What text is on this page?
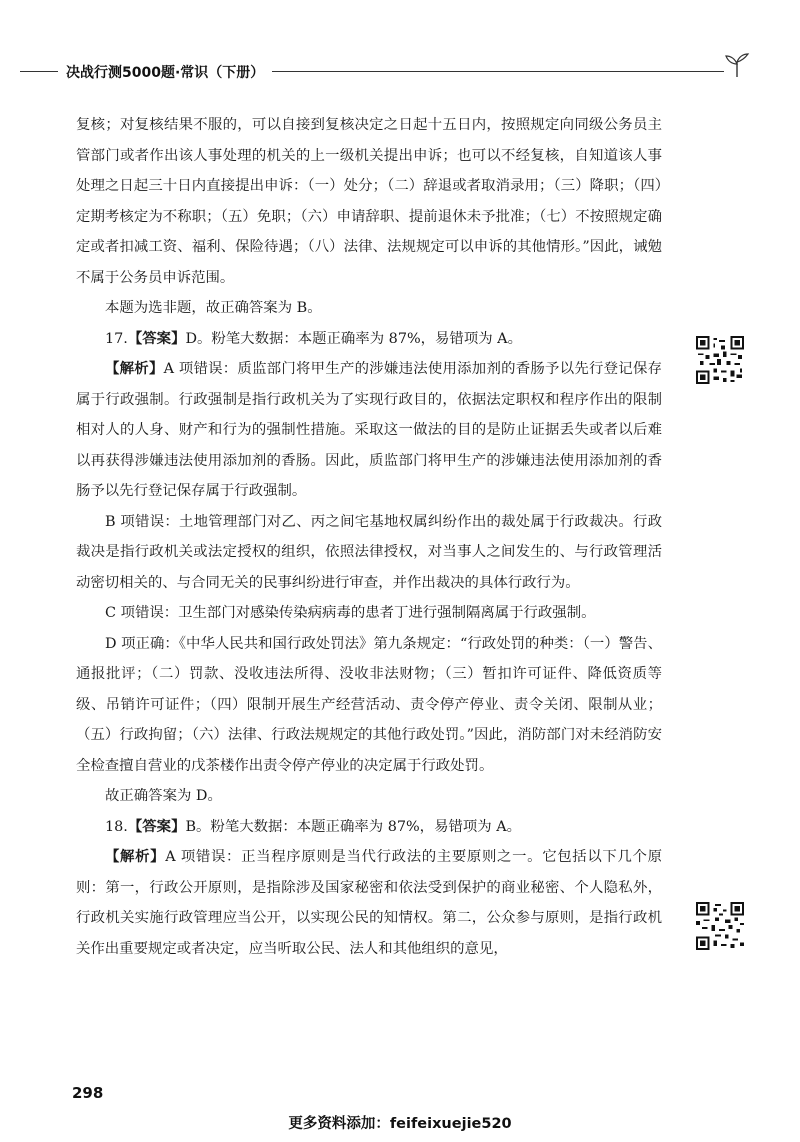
决战行测5000题·常识（下册）

复核；对复核结果不服的，可以自接到复核决定之日起十五日内，按照规定向同级公务员主管部门或者作出该人事处理的机关的上一级机关提出申诉；也可以不经复核，自知道该人事处理之日起三十日内直接提出申诉：（一）处分；（二）辞退或者取消录用；（三）降职；（四）定期考核定为不称职；（五）免职；（六）申请辞职、提前退休未予批准；（七）不按照规定确定或者扣减工资、福利、保险待遇；（八）法律、法规规定可以申诉的其他情形。”因此，诫勉不属于公务员申诉范围。

本题为选非题，故正确答案为 B。

17.【答案】D。粉笔大数据：本题正确率为 87%，易错项为 A。

【解析】A 项错误：质监部门将甲生产的涉嫌违法使用添加剂的香肠予以先行登记保存属于行政强制。行政强制是指行政机关为了实现行政目的，依据法定职权和程序作出的限制相对人的人身、财产和行为的强制性措施。采取这一做法的目的是防止证据丢失或者以后难以再获得涉嫌违法使用添加剂的香肠。因此，质监部门将甲生产的涉嫌违法使用添加剂的香肠予以先行登记保存属于行政强制。

B 项错误：土地管理部门对乙、丙之间宅基地权属纠纷作出的裁处属于行政裁决。行政裁决是指行政机关或法定授权的组织，依照法律授权，对当事人之间发生的、与行政管理活动密切相关的、与合同无关的民事纠纷进行审查，并作出裁决的具体行政行为。

C 项错误：卫生部门对感染传染病病毒的患者丁进行强制隔离属于行政强制。

D 项正确：《中华人民共和国行政处罚法》第九条规定：“行政处罚的种类：（一）警告、通报批评；（二）罚款、没收违法所得、没收非法财物；（三）暂扣许可证件、降低资质等级、吊销许可证件；（四）限制开展生产经营活动、责令停产停业、责令关闭、限制从业；（五）行政拘留；（六）法律、行政法规规定的其他行政处罚。”因此，消防部门对未经消防安全检查擅自营业的戊茶楼作出责令停产停业的决定属于行政处罚。

故正确答案为 D。

18.【答案】B。粉笔大数据：本题正确率为 87%，易错项为 A。

【解析】A 项错误：正当程序原则是当代行政法的主要原则之一。它包括以下几个原则：第一，行政公开原则，是指除涉及国家秘密和依法受到保护的商业秘密、个人隐私外，行政机关实施行政管理应当公开，以实现公民的知情权。第二，公众参与原则，是指行政机关作出重要规定或者决定，应当听取公民、法人和其他组织的意见，

298
更多资料添加：feifeixuejie520
